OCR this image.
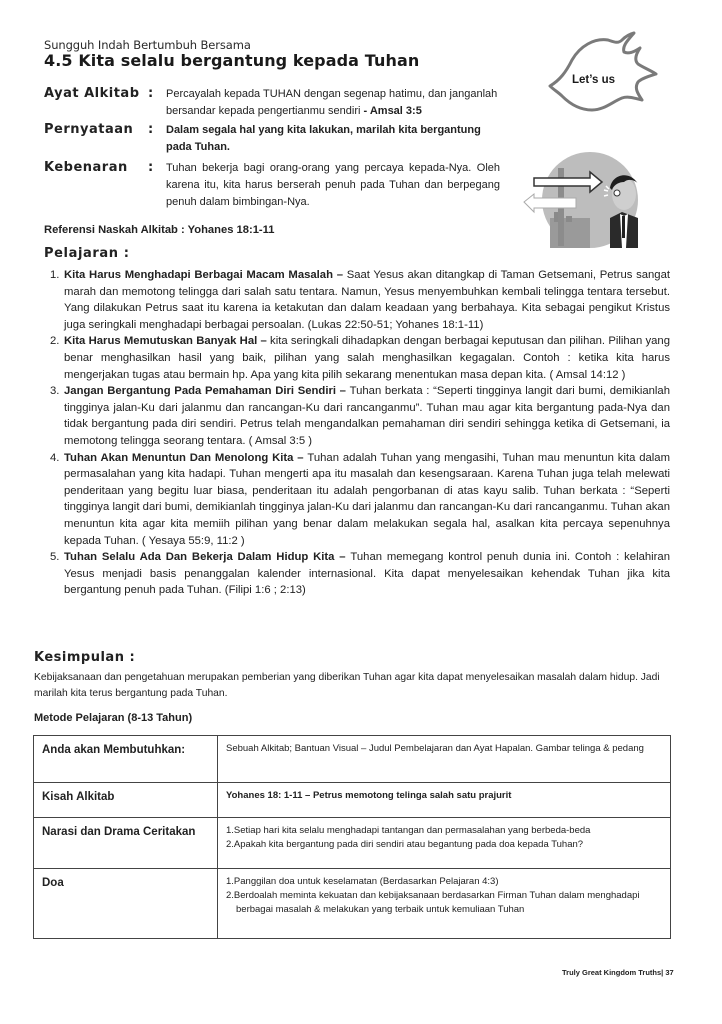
Sungguh Indah Bertumbuh Bersama
4.5 Kita selalu bergantung kepada Tuhan
Let’s us
Ayat Alkitab :	Percayalah kepada TUHAN dengan segenap hatimu, dan janganlah bersandar kepada pengertianmu sendiri - Amsal 3:5
Pernyataan	:	Dalam segala hal yang kita lakukan, marilah kita bergantung pada Tuhan.
Kebenaran	:	Tuhan bekerja bagi orang-orang yang percaya kepada-Nya. Oleh karena itu, kita harus berserah penuh pada Tuhan dan berpegang penuh dalam bimbingan-Nya.
Referensi Naskah Alkitab : Yohanes 18:1-11
Pelajaran :
1. Kita Harus Menghadapi Berbagai Macam Masalah – Saat Yesus akan ditangkap di Taman Getsemani, Petrus sangat marah dan memotong telingga dari salah satu tentara. Namun, Yesus menyembuhkan kembali telingga tentara tersebut. Yang dilakukan Petrus saat itu karena ia ketakutan dan dalam keadaan yang berbahaya. Kita sebagai pengikut Kristus juga seringkali menghadapi berbagai persoalan. (Lukas 22:50-51; Yohanes 18:1-11)
2. Kita Harus Memutuskan Banyak Hal – kita seringkali dihadapkan dengan berbagai keputusan dan pilihan. Pilihan yang benar menghasilkan hasil yang baik, pilihan yang salah menghasilkan kegagalan. Contoh : ketika kita harus mengerjakan tugas atau bermain hp. Apa yang kita pilih sekarang menentukan masa depan kita. ( Amsal 14:12 )
3. Jangan Bergantung Pada Pemahaman Diri Sendiri – Tuhan berkata : “Seperti tingginya langit dari bumi, demikianlah tingginya jalan-Ku dari jalanmu dan rancangan-Ku dari rancanganmu”. Tuhan mau agar kita bergantung pada-Nya dan tidak bergantung pada diri sendiri. Petrus telah mengandalkan pemahaman diri sendiri sehingga ketika di Getsemani, ia memotong telingga seorang tentara. ( Amsal 3:5 )
4. Tuhan Akan Menuntun Dan Menolong Kita – Tuhan adalah Tuhan yang mengasihi, Tuhan mau menuntun kita dalam permasalahan yang kita hadapi. Tuhan mengerti apa itu masalah dan kesengsaraan. Karena Tuhan juga telah melewati penderitaan yang begitu luar biasa, penderitaan itu adalah pengorbanan di atas kayu salib. Tuhan berkata : “Seperti tingginya langit dari bumi, demikianlah tingginya jalan-Ku dari jalanmu dan rancangan-Ku dari rancanganmu. Tuhan akan menuntun kita agar kita memiih pilihan yang benar dalam melakukan segala hal, asalkan kita percaya sepenuhnya kepada Tuhan. ( Yesaya 55:9, 11:2 )
5. Tuhan Selalu Ada Dan Bekerja Dalam Hidup Kita – Tuhan memegang kontrol penuh dunia ini. Contoh : kelahiran Yesus menjadi basis penanggalan kalender internasional. Kita dapat menyelesaikan kehendak Tuhan jika kita bergantung penuh pada Tuhan. (Filipi 1:6 ; 2:13)
Kesimpulan :
Kebijaksanaan dan pengetahuan merupakan pemberian yang diberikan Tuhan agar kita dapat menyelesaikan masalah dalam hidup. Jadi marilah kita terus bergantung pada Tuhan.
Metode Pelajaran (8-13 Tahun)
Anda akan Membutuhkan:	Sebuah Alkitab; Bantuan Visual – Judul Pembelajaran dan Ayat Hapalan. Gambar telinga & pedang

Kisah Alkitab	Yohanes 18: 1-11 – Petrus memotong telinga salah satu prajurit

Narasi dan Drama Ceritakan	1.Setiap hari kita selalu menghadapi tantangan dan permasalahan yang berbeda-beda
2.Apakah kita bergantung pada diri sendiri atau begantung pada doa kepada Tuhan?

Doa	1.Panggilan doa untuk keselamatan (Berdasarkan Pelajaran 4:3)
2.Berdoalah meminta kekuatan dan kebijaksanaan berdasarkan Firman Tuhan dalam menghadapi berbagai masalah & melakukan yang terbaik untuk kemuliaan Tuhan
Truly Great Kingdom Truths| 37
